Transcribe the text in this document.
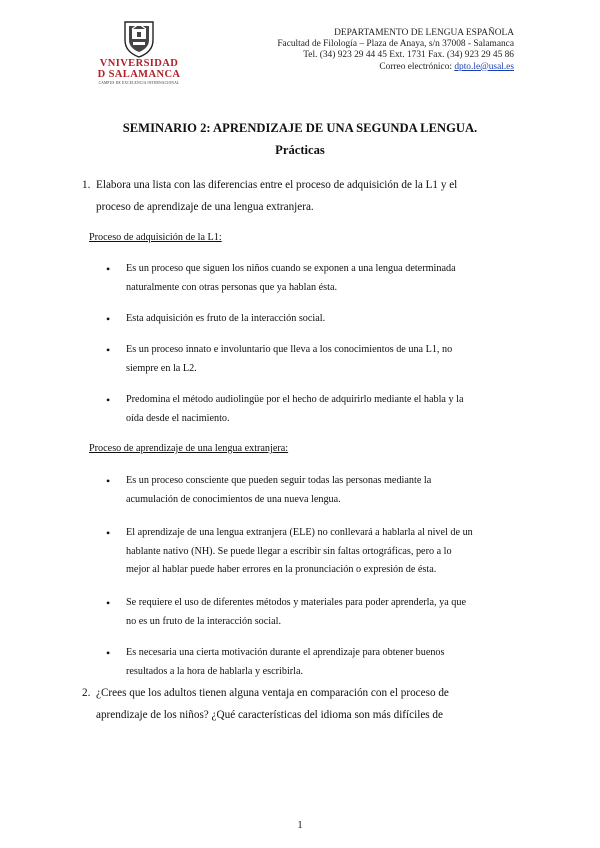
VNIVERSIDAD
D SALAMANCA
CAMPUS DE EXCELENCIA INTERNACIONAL
DEPARTAMENTO DE LENGUA ESPAÑOLA
Facultad de Filología – Plaza de Anaya, s/n 37008 - Salamanca
Tel. (34) 923 29 44 45 Ext. 1731 Fax. (34) 923 29 45 86
Correo electrónico: dpto.le@usal.es
SEMINARIO 2: APRENDIZAJE DE UNA SEGUNDA LENGUA.
Prácticas
1. Elabora una lista con las diferencias entre el proceso de adquisición de la L1 y el

proceso de aprendizaje de una lengua extranjera.

Proceso de adquisición de la L1:
• Es un proceso que siguen los niños cuando se exponen a una lengua determinada

naturalmente con otras personas que ya hablan ésta.

• Esta adquisición es fruto de la interacción social.

• Es un proceso innato e involuntario que lleva a los conocimientos de una L1, no

siempre en la L2.

• Predomina el método audiolingüe por el hecho de adquirirlo mediante el habla y la

oída desde el nacimiento.

Proceso de aprendizaje de una lengua extranjera:
• Es un proceso consciente que pueden seguir todas las personas mediante la

acumulación de conocimientos de una nueva lengua.

• El aprendizaje de una lengua extranjera (ELE) no conllevará a hablarla al nivel de un

hablante nativo (NH). Se puede llegar a escribir sin faltas ortográficas, pero a lo

mejor al hablar puede haber errores en la pronunciación o expresión de ésta.

• Se requiere el uso de diferentes métodos y materiales para poder aprenderla, ya que

no es un fruto de la interacción social.

• Es necesaria una cierta motivación durante el aprendizaje para obtener buenos

resultados a la hora de hablarla y escribirla.

2. ¿Crees que los adultos tienen alguna ventaja en comparación con el proceso de

aprendizaje de los niños? ¿Qué características del idioma son más difíciles de

1
